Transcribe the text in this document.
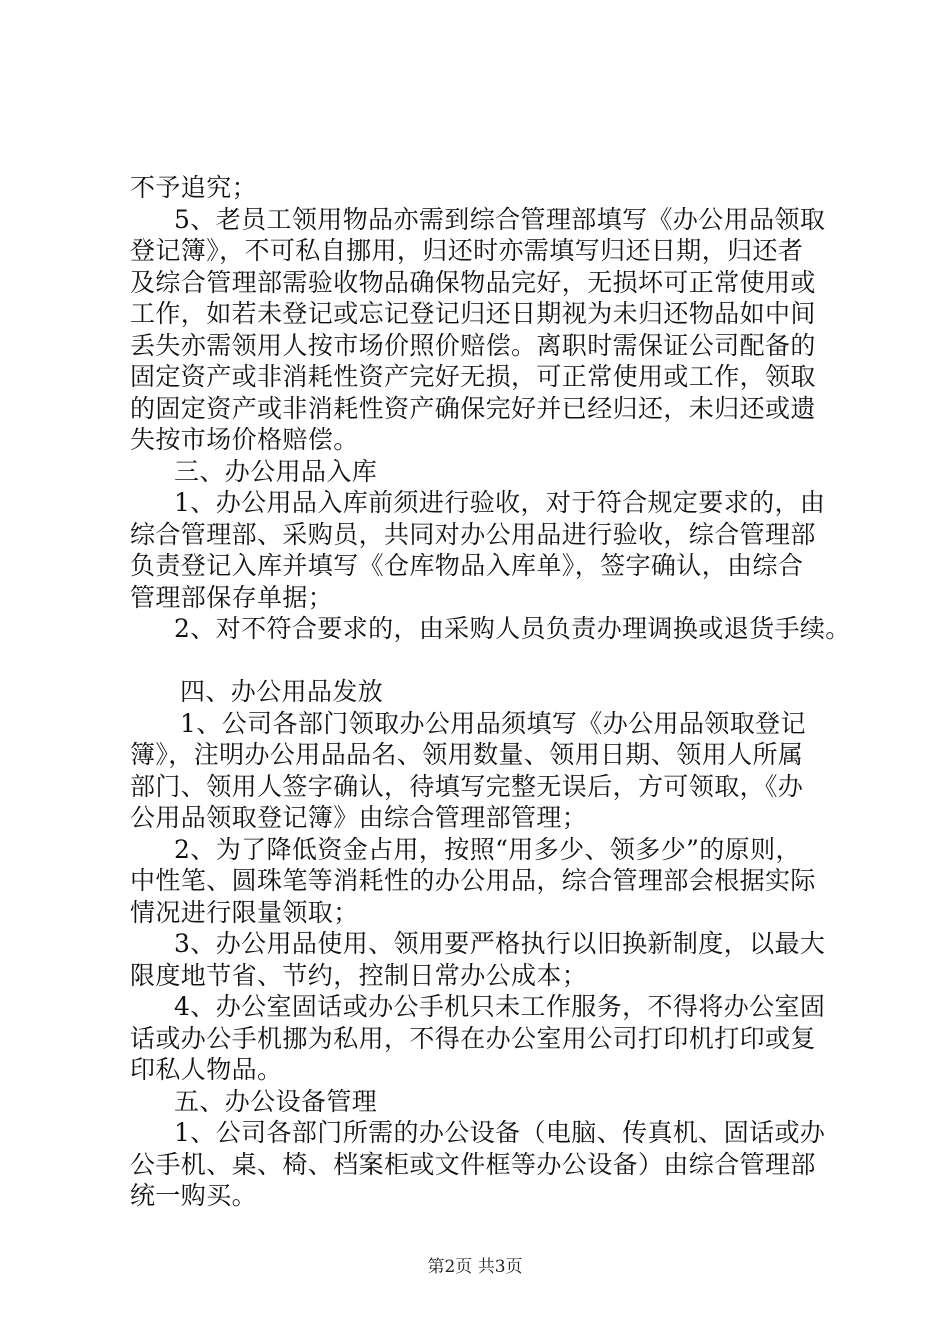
不予追究；
5、老员工领用物品亦需到综合管理部填写《办公用品领取
登记簿》，不可私自挪用，归还时亦需填写归还日期，归还者
及综合管理部需验收物品确保物品完好，无损坏可正常使用或
工作，如若未登记或忘记登记归还日期视为未归还物品如中间
丢失亦需领用人按市场价照价赔偿。离职时需保证公司配备的
固定资产或非消耗性资产完好无损，可正常使用或工作，领取
的固定资产或非消耗性资产确保完好并已经归还，未归还或遗
失按市场价格赔偿。
三、办公用品入库
1、办公用品入库前须进行验收，对于符合规定要求的，由
综合管理部、采购员，共同对办公用品进行验收，综合管理部
负责登记入库并填写《仓库物品入库单》，签字确认，由综合
管理部保存单据；
2、对不符合要求的，由采购人员负责办理调换或退货手续。
四、办公用品发放
1、公司各部门领取办公用品须填写《办公用品领取登记
簿》，注明办公用品品名、领用数量、领用日期、领用人所属
部门、领用人签字确认，待填写完整无误后，方可领取，《办
公用品领取登记簿》由综合管理部管理；
2、为了降低资金占用，按照“用多少、领多少”的原则，
中性笔、圆珠笔等消耗性的办公用品，综合管理部会根据实际
情况进行限量领取；
3、办公用品使用、领用要严格执行以旧换新制度，以最大
限度地节省、节约，控制日常办公成本；
4、办公室固话或办公手机只未工作服务，不得将办公室固
话或办公手机挪为私用，不得在办公室用公司打印机打印或复
印私人物品。
五、办公设备管理
1、公司各部门所需的办公设备（电脑、传真机、固话或办
公手机、桌、椅、档案柜或文件框等办公设备）由综合管理部
统一购买。
第2页 共3页
